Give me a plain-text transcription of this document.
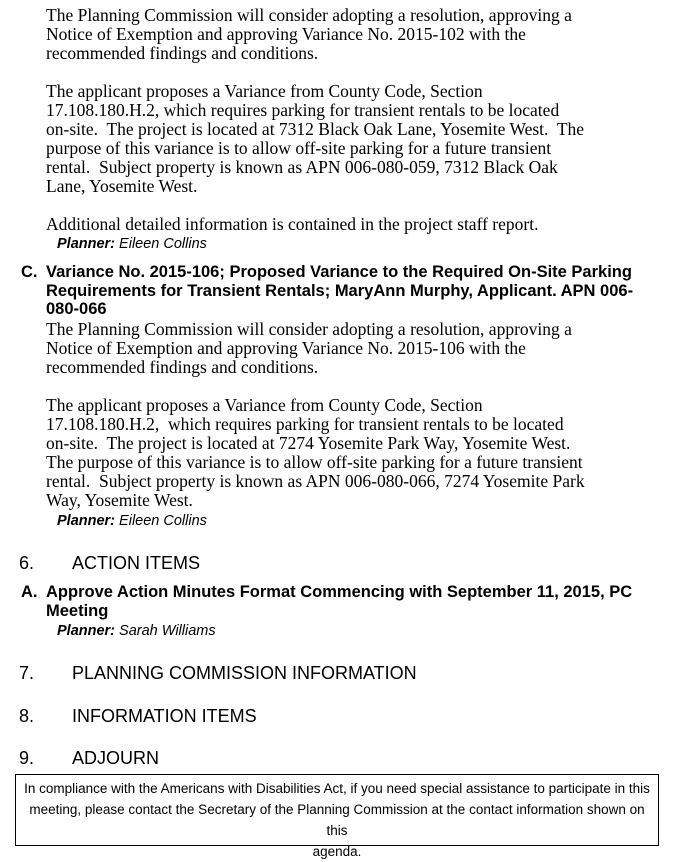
The Planning Commission will consider adopting a resolution, approving a
Notice of Exemption and approving Variance No. 2015-102 with the
recommended findings and conditions.
The applicant proposes a Variance from County Code, Section
17.108.180.H.2, which requires parking for transient rentals to be located
on-site.  The project is located at 7312 Black Oak Lane, Yosemite West.  The
purpose of this variance is to allow off-site parking for a future transient
rental.  Subject property is known as APN 006-080-059, 7312 Black Oak
Lane, Yosemite West.
Additional detailed information is contained in the project staff report.
Planner: Eileen Collins
C. Variance No. 2015-106; Proposed Variance to the Required On-Site Parking
Requirements for Transient Rentals; MaryAnn Murphy, Applicant. APN 006-
080-066
The Planning Commission will consider adopting a resolution, approving a
Notice of Exemption and approving Variance No. 2015-106 with the
recommended findings and conditions.
The applicant proposes a Variance from County Code, Section
17.108.180.H.2,  which requires parking for transient rentals to be located
on-site.  The project is located at 7274 Yosemite Park Way, Yosemite West.
The purpose of this variance is to allow off-site parking for a future transient
rental.  Subject property is known as APN 006-080-066, 7274 Yosemite Park
Way, Yosemite West.
Planner: Eileen Collins
6. ACTION ITEMS
A. Approve Action Minutes Format Commencing with September 11, 2015, PC
Meeting
Planner: Sarah Williams
7. PLANNING COMMISSION INFORMATION
8. INFORMATION ITEMS
9. ADJOURN
In compliance with the Americans with Disabilities Act, if you need special assistance to participate in this
meeting, please contact the Secretary of the Planning Commission at the contact information shown on this
agenda.
